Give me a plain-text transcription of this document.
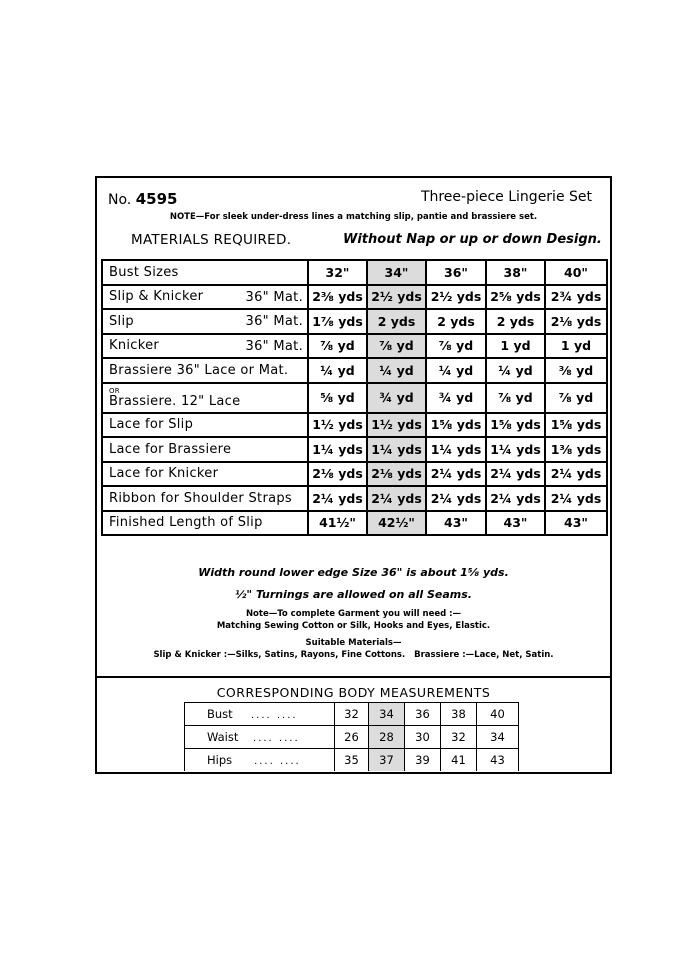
No. 4595	Three-piece Lingerie Set
NOTE—For sleek under-dress lines a matching slip, pantie and brassiere set.
MATERIALS REQUIRED.	Without Nap or up or down Design.
Bust Sizes	32"	34"	36"	38"	40"
Slip & Knicker 36" Mat.	2⅜ yds	2½ yds	2½ yds	2⅝ yds	2¾ yds
Slip 36" Mat.	1⅞ yds	2 yds	2 yds	2 yds	2⅛ yds
Knicker 36" Mat.	⅞ yd	⅞ yd	⅞ yd	1 yd	1 yd
Brassiere 36" Lace or Mat.	¼ yd	¼ yd	¼ yd	¼ yd	⅜ yd

OR
Brassiere. 12" Lace	⅝ yd	¾ yd	¾ yd	⅞ yd	⅞ yd
Lace for Slip	1½ yds	1½ yds	1⅝ yds	1⅝ yds	1⅝ yds
Lace for Brassiere	1¼ yds	1¼ yds	1¼ yds	1¼ yds	1⅜ yds
Lace for Knicker	2⅛ yds	2⅛ yds	2¼ yds	2¼ yds	2¼ yds
Ribbon for Shoulder Straps	2¼ yds	2¼ yds	2¼ yds	2¼ yds	2¼ yds
Finished Length of Slip	41½"	42½"	43"	43"	43"
Width round lower edge Size 36" is about 1⅝ yds.
½" Turnings are allowed on all Seams.
Note—To complete Garment you will need :—
Matching Sewing Cotton or Silk, Hooks and Eyes, Elastic.
Suitable Materials—
Slip & Knicker :—Silks, Satins, Rayons, Fine Cottons. Brassiere :—Lace, Net, Satin.
CORRESPONDING BODY MEASUREMENTS
Bust .... ....	32	34	36	38	40
Waist .... ....	26	28	30	32	34
Hips .... ....	35	37	39	41	43
